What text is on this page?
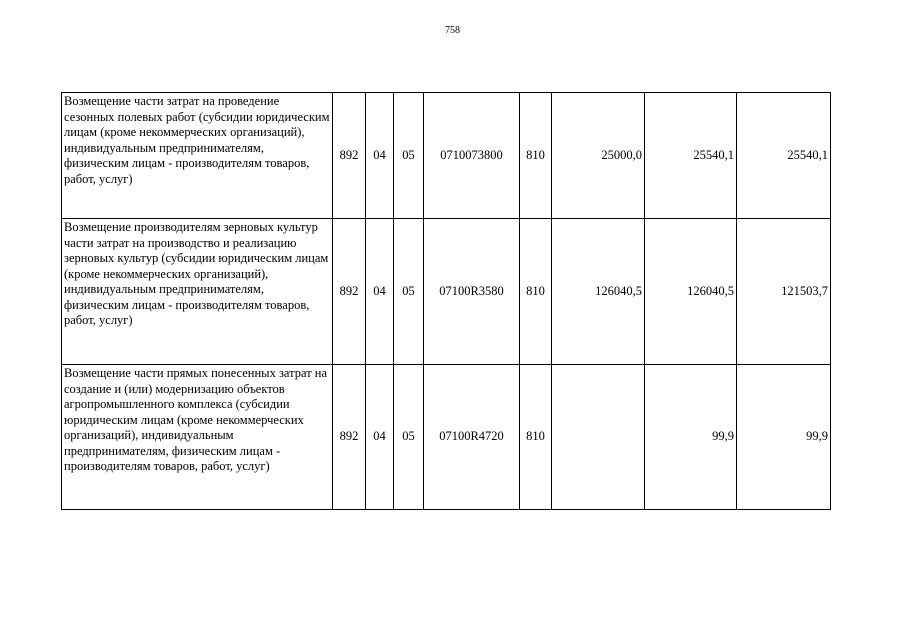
758
Возмещение части затрат на проведение сезонных полевых работ (субсидии юридическим лицам (кроме некоммерческих организаций), индивидуальным предпринимателям, физическим лицам - производителям товаров, работ, услуг)	892	04	05	0710073800	810	25000,0	25540,1	25540,1
Возмещение производителям зерновых культур части затрат на производство и реализацию зерновых культур (субсидии юридическим лицам (кроме некоммерческих организаций), индивидуальным предпринимателям, физическим лицам - производителям товаров, работ, услуг)	892	04	05	07100R3580	810	126040,5	126040,5	121503,7
Возмещение части прямых понесенных затрат на создание и (или) модернизацию объектов агропромышленного комплекса (субсидии юридическим лицам (кроме некоммерческих организаций), индивидуальным предпринимателям, физическим лицам - производителям товаров, работ, услуг)	892	04	05	07100R4720	810		99,9	99,9
